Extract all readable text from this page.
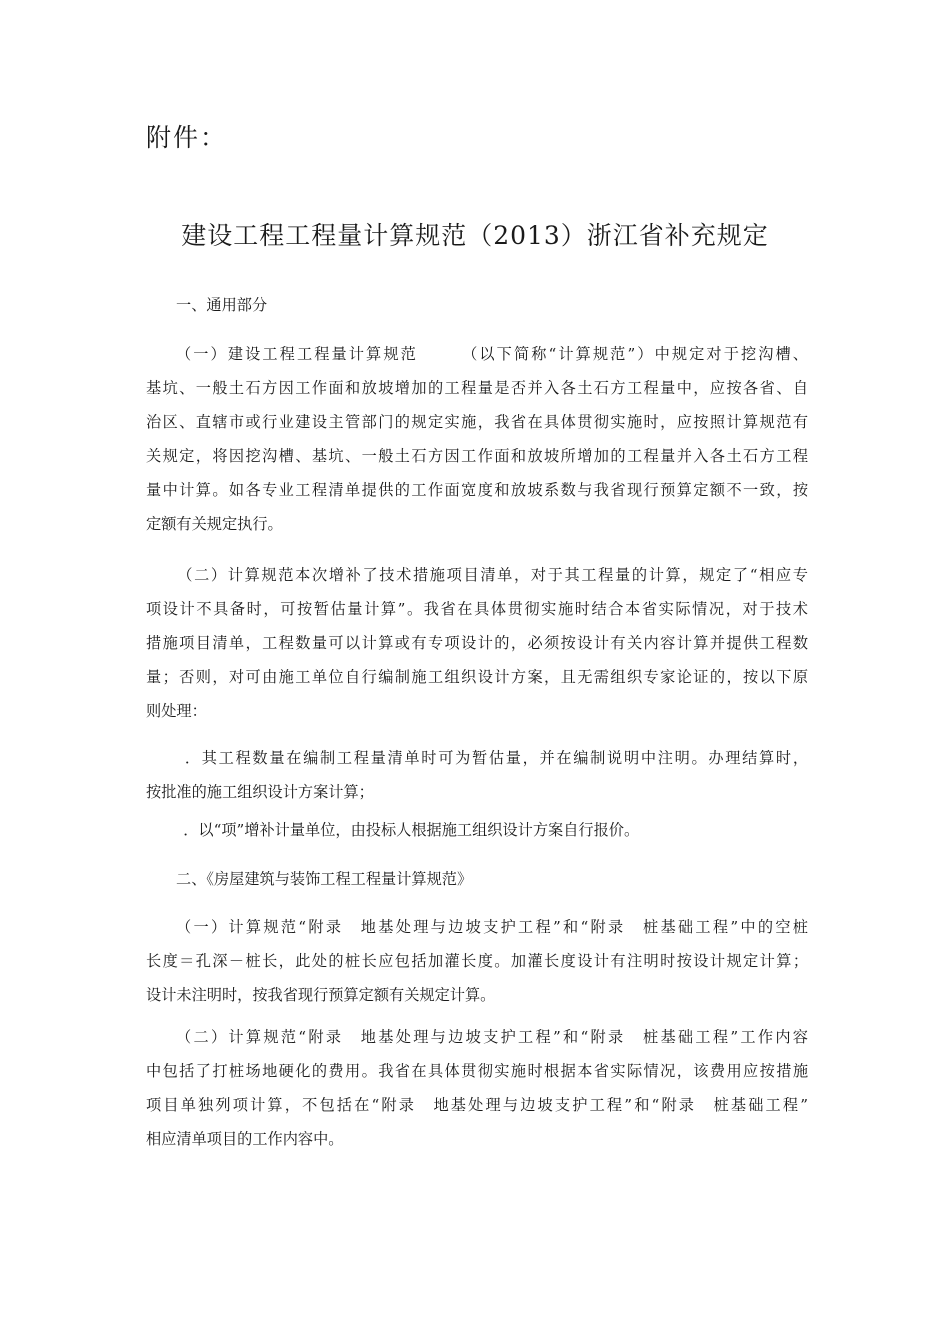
附件：
建设工程工程量计算规范（2013）浙江省补充规定
一、通用部分
（一）建设工程工程量计算规范　　　（以下简称“计算规范”）中规定对于挖沟槽、
基坑、一般土石方因工作面和放坡增加的工程量是否并入各土石方工程量中，应按各省、自
治区、直辖市或行业建设主管部门的规定实施，我省在具体贯彻实施时，应按照计算规范有
关规定，将因挖沟槽、基坑、一般土石方因工作面和放坡所增加的工程量并入各土石方工程
量中计算。如各专业工程清单提供的工作面宽度和放坡系数与我省现行预算定额不一致，按
定额有关规定执行。
　（二）计算规范本次增补了技术措施项目清单，对于其工程量的计算，规定了“相应专
项设计不具备时，可按暂估量计算”。我省在具体贯彻实施时结合本省实际情况，对于技术
措施项目清单，工程数量可以计算或有专项设计的，必须按设计有关内容计算并提供工程数
量；否则，对可由施工单位自行编制施工组织设计方案，且无需组织专家论证的，按以下原
则处理：
　．其工程数量在编制工程量清单时可为暂估量，并在编制说明中注明。办理结算时，
按批准的施工组织设计方案计算；
　．以“项”增补计量单位，由投标人根据施工组织设计方案自行报价。
二、《房屋建筑与装饰工程工程量计算规范》
（一）计算规范“附录　地基处理与边坡支护工程”和“附录　桩基础工程”中的空桩
长度＝孔深－桩长，此处的桩长应包括加灌长度。加灌长度设计有注明时按设计规定计算；
设计未注明时，按我省现行预算定额有关规定计算。
（二）计算规范“附录　地基处理与边坡支护工程”和“附录　桩基础工程”工作内容
中包括了打桩场地硬化的费用。我省在具体贯彻实施时根据本省实际情况，该费用应按措施
项目单独列项计算，不包括在“附录　地基处理与边坡支护工程”和“附录　桩基础工程”
相应清单项目的工作内容中。
